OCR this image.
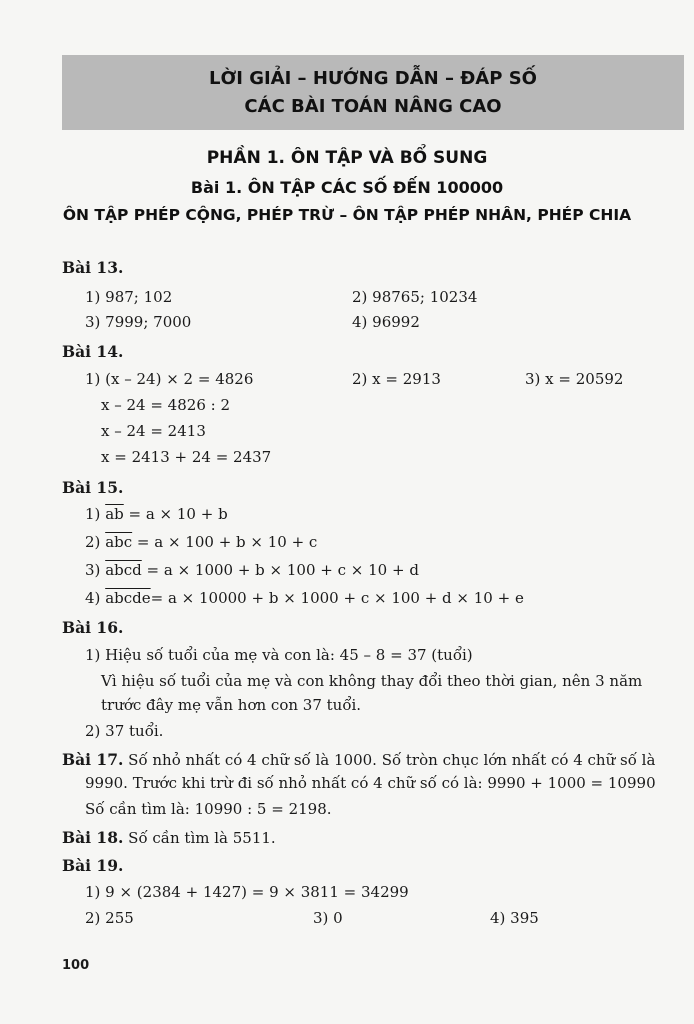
LỜI GIẢI – HƯỚNG DẪN – ĐÁP SỐ
CÁC BÀI TOÁN NÂNG CAO
PHẦN 1. ÔN TẬP VÀ BỔ SUNG
Bài 1. ÔN TẬP CÁC SỐ ĐẾN 100000
ÔN TẬP PHÉP CỘNG, PHÉP TRỪ – ÔN TẬP PHÉP NHÂN, PHÉP CHIA
Bài 13.
1) 987; 102	2) 98765; 10234
3) 7999; 7000	4) 96992
Bài 14.
1) (x – 24) × 2 = 4826	2) x = 2913	3) x = 20592
x – 24 = 4826 : 2
x – 24 = 2413
x = 2413 + 24 = 2437
Bài 15.
1) $\overline{ab} = a \times 10 + b$
2) $\overline{abc} = a \times 100 + b \times 10 + c$
3) abcd = a × 1000 + b × 100 + c × 10 + d
4) abcde= a × 10000 + b × 1000 + c × 100 + d × 10 + e
Bài 16.
1) Hiệu số tuổi của mẹ và con là: 45 – 8 = 37 (tuổi)
Vì hiệu số tuổi của mẹ và con không thay đổi theo thời gian, nên 3 năm
trước đây mẹ vẫn hơn con 37 tuổi.
2) 37 tuổi.
Bài 17. Số nhỏ nhất có 4 chữ số là 1000. Số tròn chục lớn nhất có 4 chữ số là
9990. Trước khi trừ đi số nhỏ nhất có 4 chữ số có là: 9990 + 1000 = 10990
Số cần tìm là: 10990 : 5 = 2198.
Bài 18. Số cần tìm là 5511.
Bài 19.
1) 9 × (2384 + 1427) = 9 × 3811 = 34299
2) 255	3) 0	4) 395
100
